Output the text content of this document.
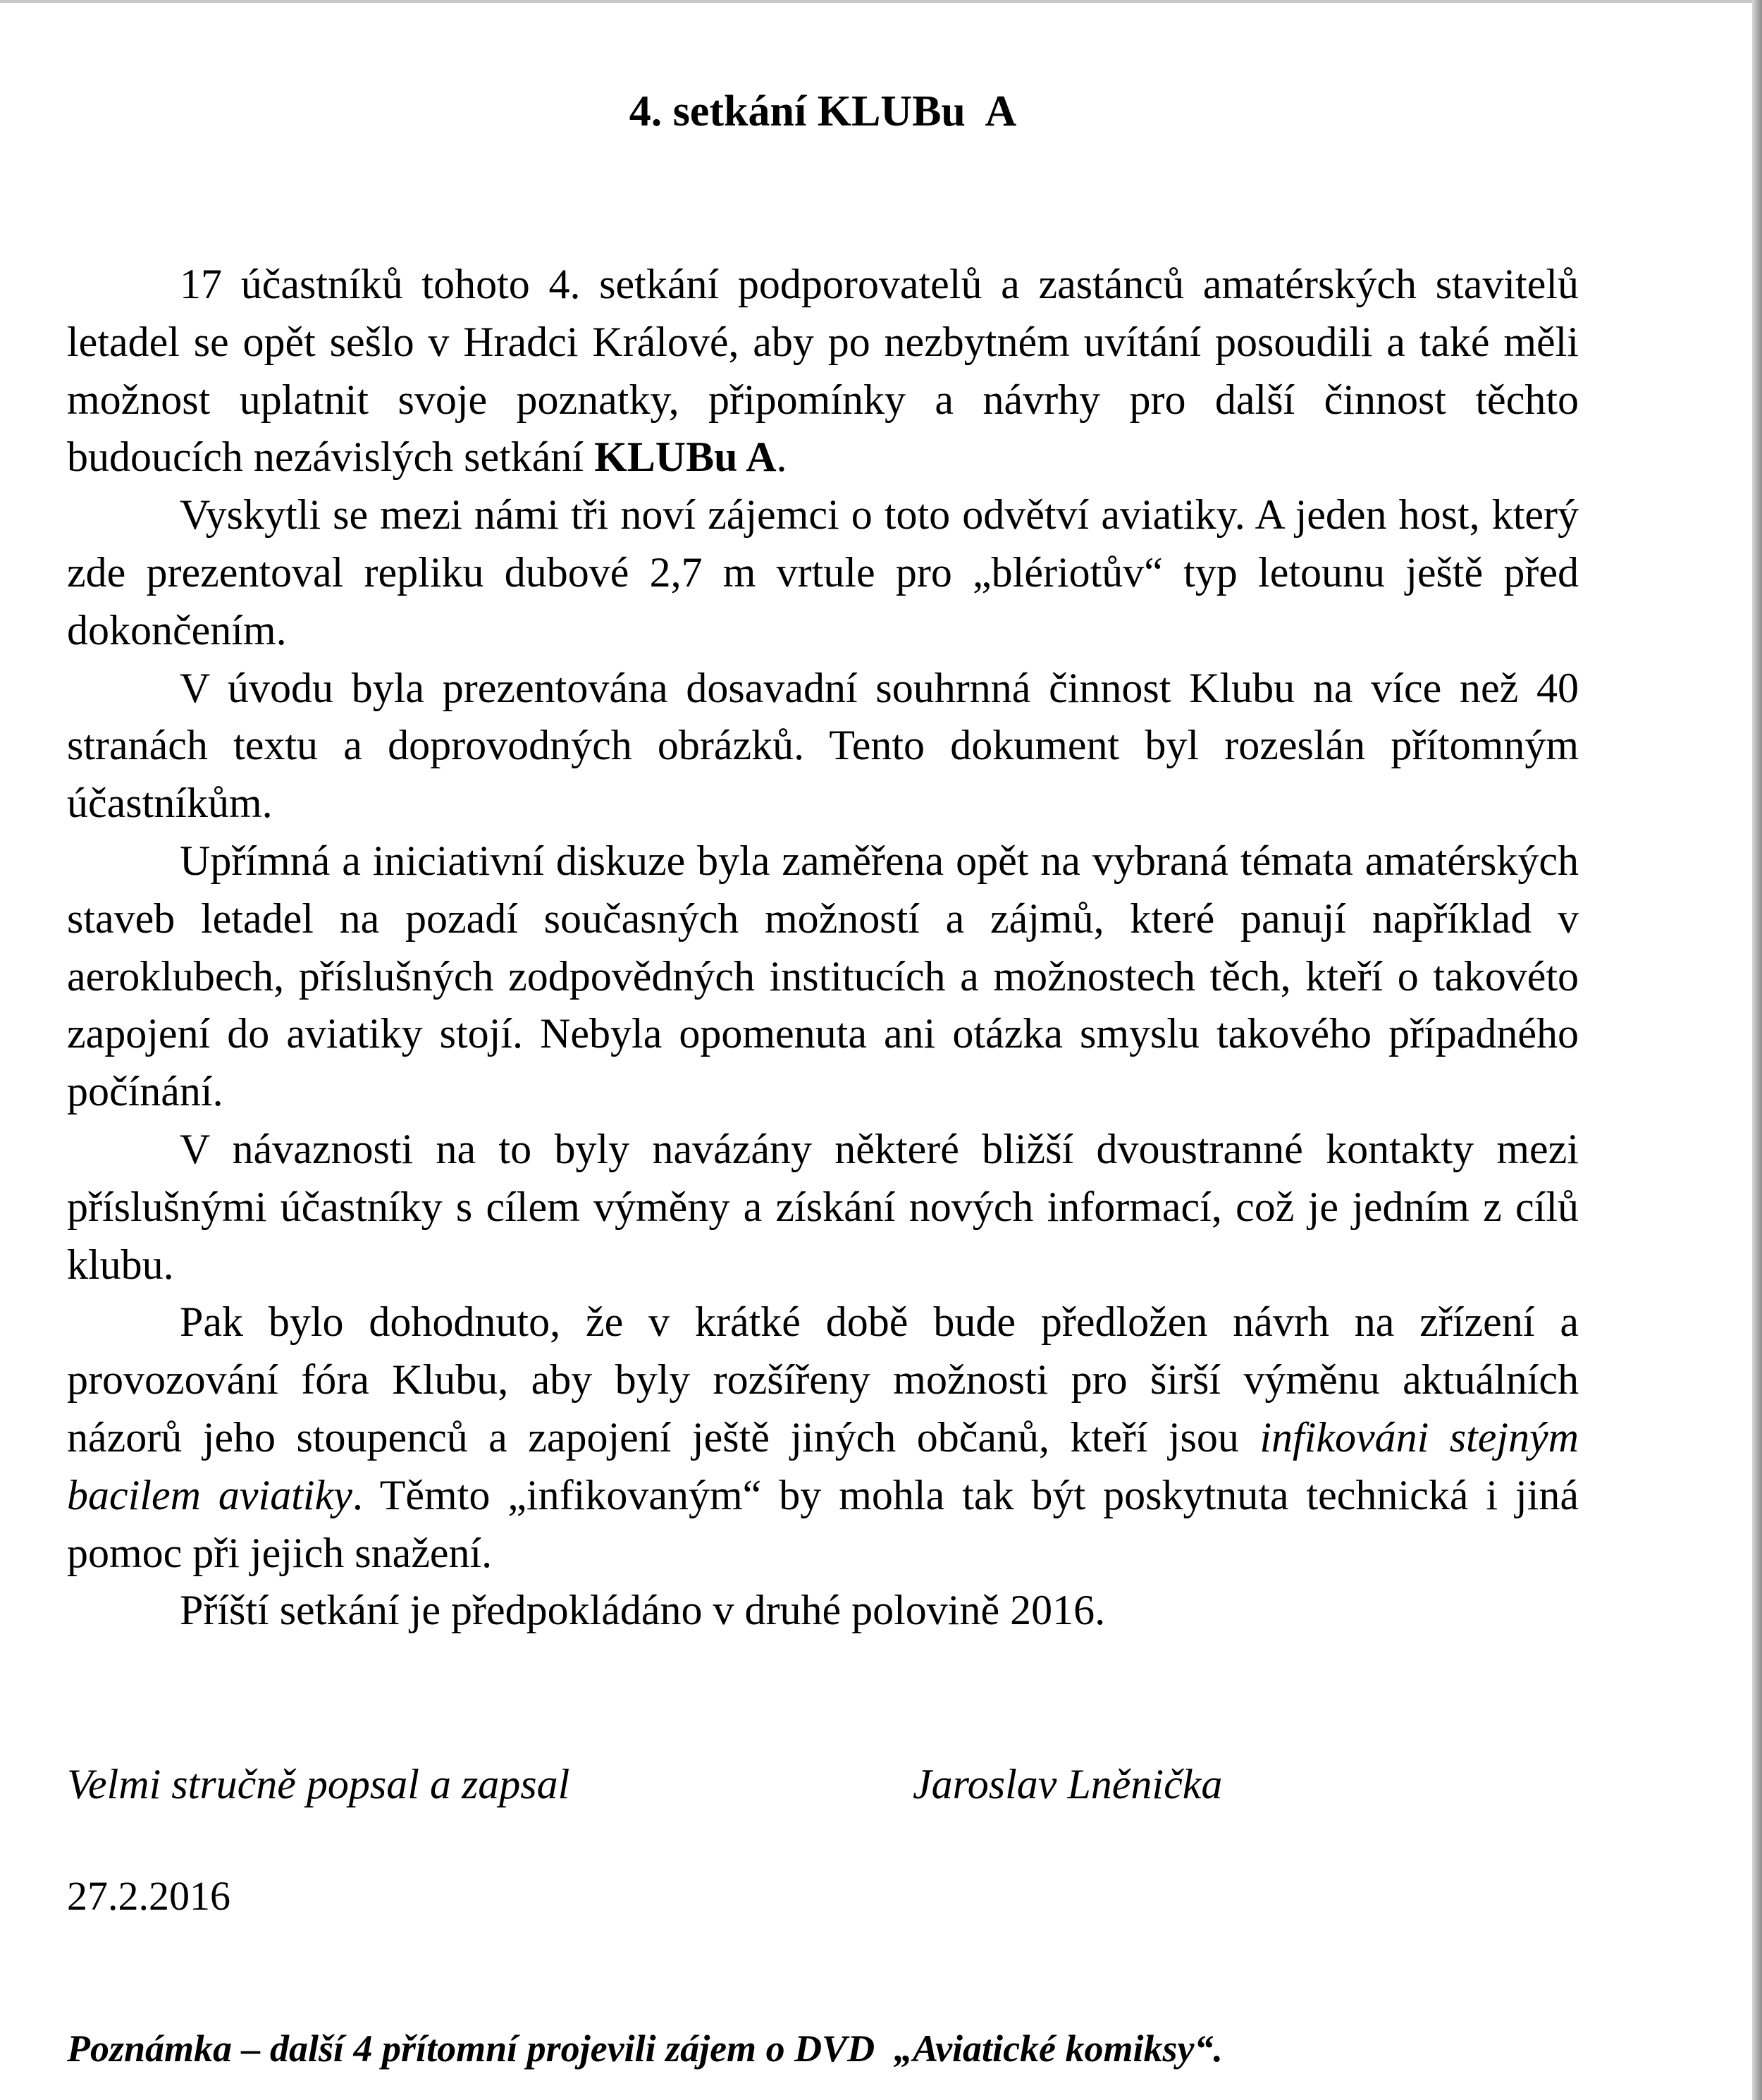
4. setkání KLUBu  A

17 účastníků tohoto 4. setkání podporovatelů a zastánců amatérských stavitelů letadel se opět sešlo v Hradci Králové, aby po nezbytném uvítání posoudili a také měli možnost uplatnit svoje poznatky, připomínky a návrhy pro další činnost těchto budoucích nezávislých setkání KLUBu A.

Vyskytli se mezi námi tři noví zájemci o toto odvětví aviatiky. A jeden host, který zde prezentoval repliku dubové 2,7 m vrtule pro „blériotův“ typ letounu ještě před dokončením.

V úvodu byla prezentována dosavadní souhrnná činnost Klubu na více než 40 stranách textu a doprovodných obrázků. Tento dokument byl rozeslán přítomným účastníkům.

Upřímná a iniciativní diskuze byla zaměřena opět na vybraná témata amatérských staveb letadel na pozadí současných možností a zájmů, které panují například v aeroklubech, příslušných zodpovědných institucích a možnostech těch, kteří o takovéto zapojení do aviatiky stojí. Nebyla opomenuta ani otázka smyslu takového případného počínání.

V návaznosti na to byly navázány některé bližší dvoustranné kontakty mezi příslušnými účastníky s cílem výměny a získání nových informací, což je jedním z cílů klubu.

Pak bylo dohodnuto, že v krátké době bude předložen návrh na zřízení a provozování fóra Klubu, aby byly rozšířeny možnosti pro širší výměnu aktuálních názorů jeho stoupenců a zapojení ještě jiných občanů, kteří jsou infikováni stejným bacilem aviatiky. Těmto „infikovaným“ by mohla tak být poskytnuta technická i jiná pomoc při jejich snažení.

Příští setkání je předpokládáno v druhé polovině 2016.

Velmi stručně popsal a zapsal	Jaroslav Lněnička
27.2.2016
Poznámka – další 4 přítomní projevili zájem o DVD  „Aviatické komiksy“.
